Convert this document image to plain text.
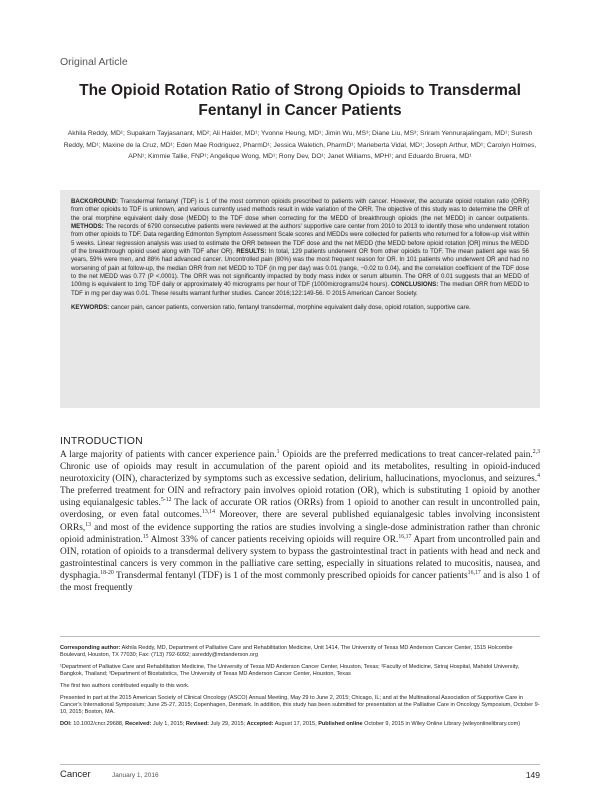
Original Article
The Opioid Rotation Ratio of Strong Opioids to Transdermal Fentanyl in Cancer Patients
Akhila Reddy, MD¹; Supakarn Tayjasanant, MD²; Ali Haider, MD¹; Yvonne Heung, MD¹; Jimin Wu, MS³; Diane Liu, MS³; Sriram Yennurajalingam, MD¹; Suresh Reddy, MD¹; Maxine de la Cruz, MD¹; Eden Mae Rodriguez, PharmD¹; Jessica Waletich, PharmD¹; Marieberta Vidal, MD¹; Joseph Arthur, MD¹; Carolyn Holmes, APN¹; Kimmie Tallie, FNP¹; Angelique Wong, MD¹; Rony Dev, DO¹; Janet Williams, MPH¹; and Eduardo Bruera, MD¹

BACKGROUND: Transdermal fentanyl (TDF) is 1 of the most common opioids prescribed to patients with cancer. However, the accurate opioid rotation ratio (ORR) from other opioids to TDF is unknown, and various currently used methods result in wide variation of the ORR. The objective of this study was to determine the ORR of the oral morphine equivalent daily dose (MEDD) to the TDF dose when correcting for the MEDD of breakthrough opioids (the net MEDD) in cancer outpatients. METHODS: The records of 6790 consecutive patients were reviewed at the authors' supportive care center from 2010 to 2013 to identify those who underwent rotation from other opioids to TDF. Data regarding Edmonton Symptom Assessment Scale scores and MEDDs were collected for patients who returned for a follow-up visit within 5 weeks. Linear regression analysis was used to estimate the ORR between the TDF dose and the net MEDD (the MEDD before opioid rotation [OR] minus the MEDD of the breakthrough opioid used along with TDF after OR). RESULTS: In total, 129 patients underwent OR from other opioids to TDF. The mean patient age was 56 years, 59% were men, and 88% had advanced cancer. Uncontrolled pain (80%) was the most frequent reason for OR. In 101 patients who underwent OR and had no worsening of pain at follow-up, the median ORR from net MEDD to TDF (in mg per day) was 0.01 (range, −0.02 to 0.04), and the correlation coefficient of the TDF dose to the net MEDD was 0.77 (P <.0001). The ORR was not significantly impacted by body mass index or serum albumin. The ORR of 0.01 suggests that an MEDD of 100mg is equivalent to 1mg TDF daily or approximately 40 micrograms per hour of TDF (1000micrograms/24 hours). CONCLUSIONS: The median ORR from MEDD to TDF in mg per day was 0.01. These results warrant further studies. Cancer 2016;122:149-56. © 2015 American Cancer Society.

KEYWORDS: cancer pain, cancer patients, conversion ratio, fentanyl transdermal, morphine equivalent daily dose, opioid rotation, supportive care.

INTRODUCTION

A large majority of patients with cancer experience pain.$^1$ Opioids are the preferred medications to treat cancer-related pain.$^{2,3}$ Chronic use of opioids may result in accumulation of the parent opioid and its metabolites, resulting in opioid-induced neurotoxicity (OIN), characterized by symptoms such as excessive sedation, delirium, hallucinations, myoclonus, and seizures.$^4$ The preferred treatment for OIN and refractory pain involves opioid rotation (OR), which is substituting 1 opioid by another using equianalgesic tables.$^{5-12}$ The lack of accurate OR ratios (ORRs) from 1 opioid to another can result in uncontrolled pain, overdosing, or even fatal outcomes.$^{13,14}$ Moreover, there are several published equianalgesic tables involving inconsistent ORRs,$^{13}$ and most of the evidence supporting the ratios are studies involving a single-dose administration rather than chronic opioid administration.$^{15}$ Almost 33% of cancer patients receiving opioids will require OR.$^{16,17}$ Apart from uncontrolled pain and OIN, rotation of opioids to a transdermal delivery system to bypass the gastrointestinal tract in patients with head and neck and gastrointestinal cancers is very common in the palliative care setting, especially in situations related to mucositis, nausea, and dysphagia.$^{18-20}$ Transdermal fentanyl (TDF) is 1 of the most commonly prescribed opioids for cancer patients$^{16,17}$ and is also 1 of the most frequently

Corresponding author: Akhila Reddy, MD, Department of Palliative Care and Rehabilitation Medicine, Unit 1414, The University of Texas MD Anderson Cancer Center, 1515 Holcombe Boulevard, Houston, TX 77030; Fax: (713) 792-6092; asreddy@mdanderson.org

¹Department of Palliative Care and Rehabilitation Medicine, The University of Texas MD Anderson Cancer Center, Houston, Texas; ²Faculty of Medicine, Siriraj Hospital, Mahidol University, Bangkok, Thailand; ³Department of Biostatistics, The University of Texas MD Anderson Cancer Center, Houston, Texas

The first two authors contributed equally to this work.

Presented in part at the 2015 American Society of Clinical Oncology (ASCO) Annual Meeting, May 29 to June 2, 2015; Chicago, IL; and at the Multinational Association of Supportive Care in Cancer's International Symposium; June 25-27, 2015; Copenhagen, Denmark. In addition, this study has been submitted for presentation at the Palliative Care in Oncology Symposium, October 9-10, 2015; Boston, MA.

DOI: 10.1002/cncr.29688, Received: July 1, 2015; Revised: July 29, 2015; Accepted: August 17, 2015, Published online October 9, 2015 in Wiley Online Library (wileyonlinelibrary.com)

Cancer	January 1, 2016	149
